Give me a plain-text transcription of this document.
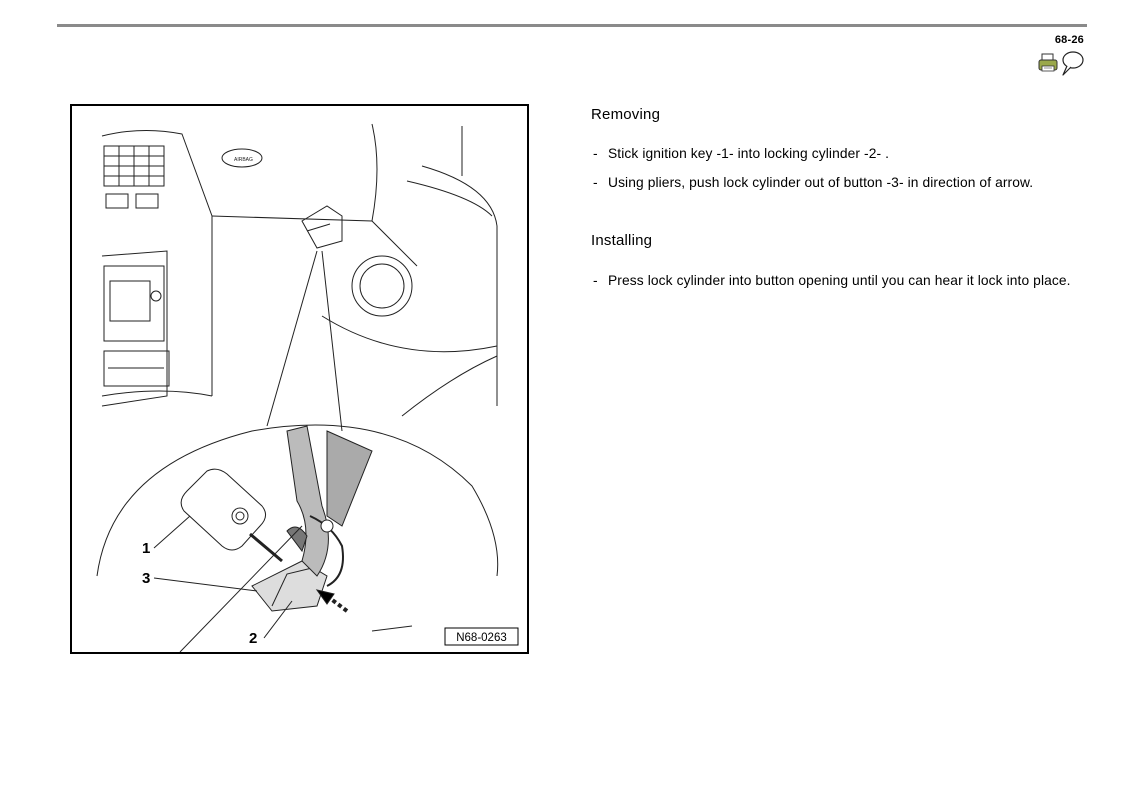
68-26
AIRBAG
1
3
2	N68-0263
Removing
- Stick ignition key -1- into locking cylinder -2- .
- Using pliers, push lock cylinder out of button -3- in direction of arrow.
Installing
- Press lock cylinder into button opening until you can hear it lock into place.
